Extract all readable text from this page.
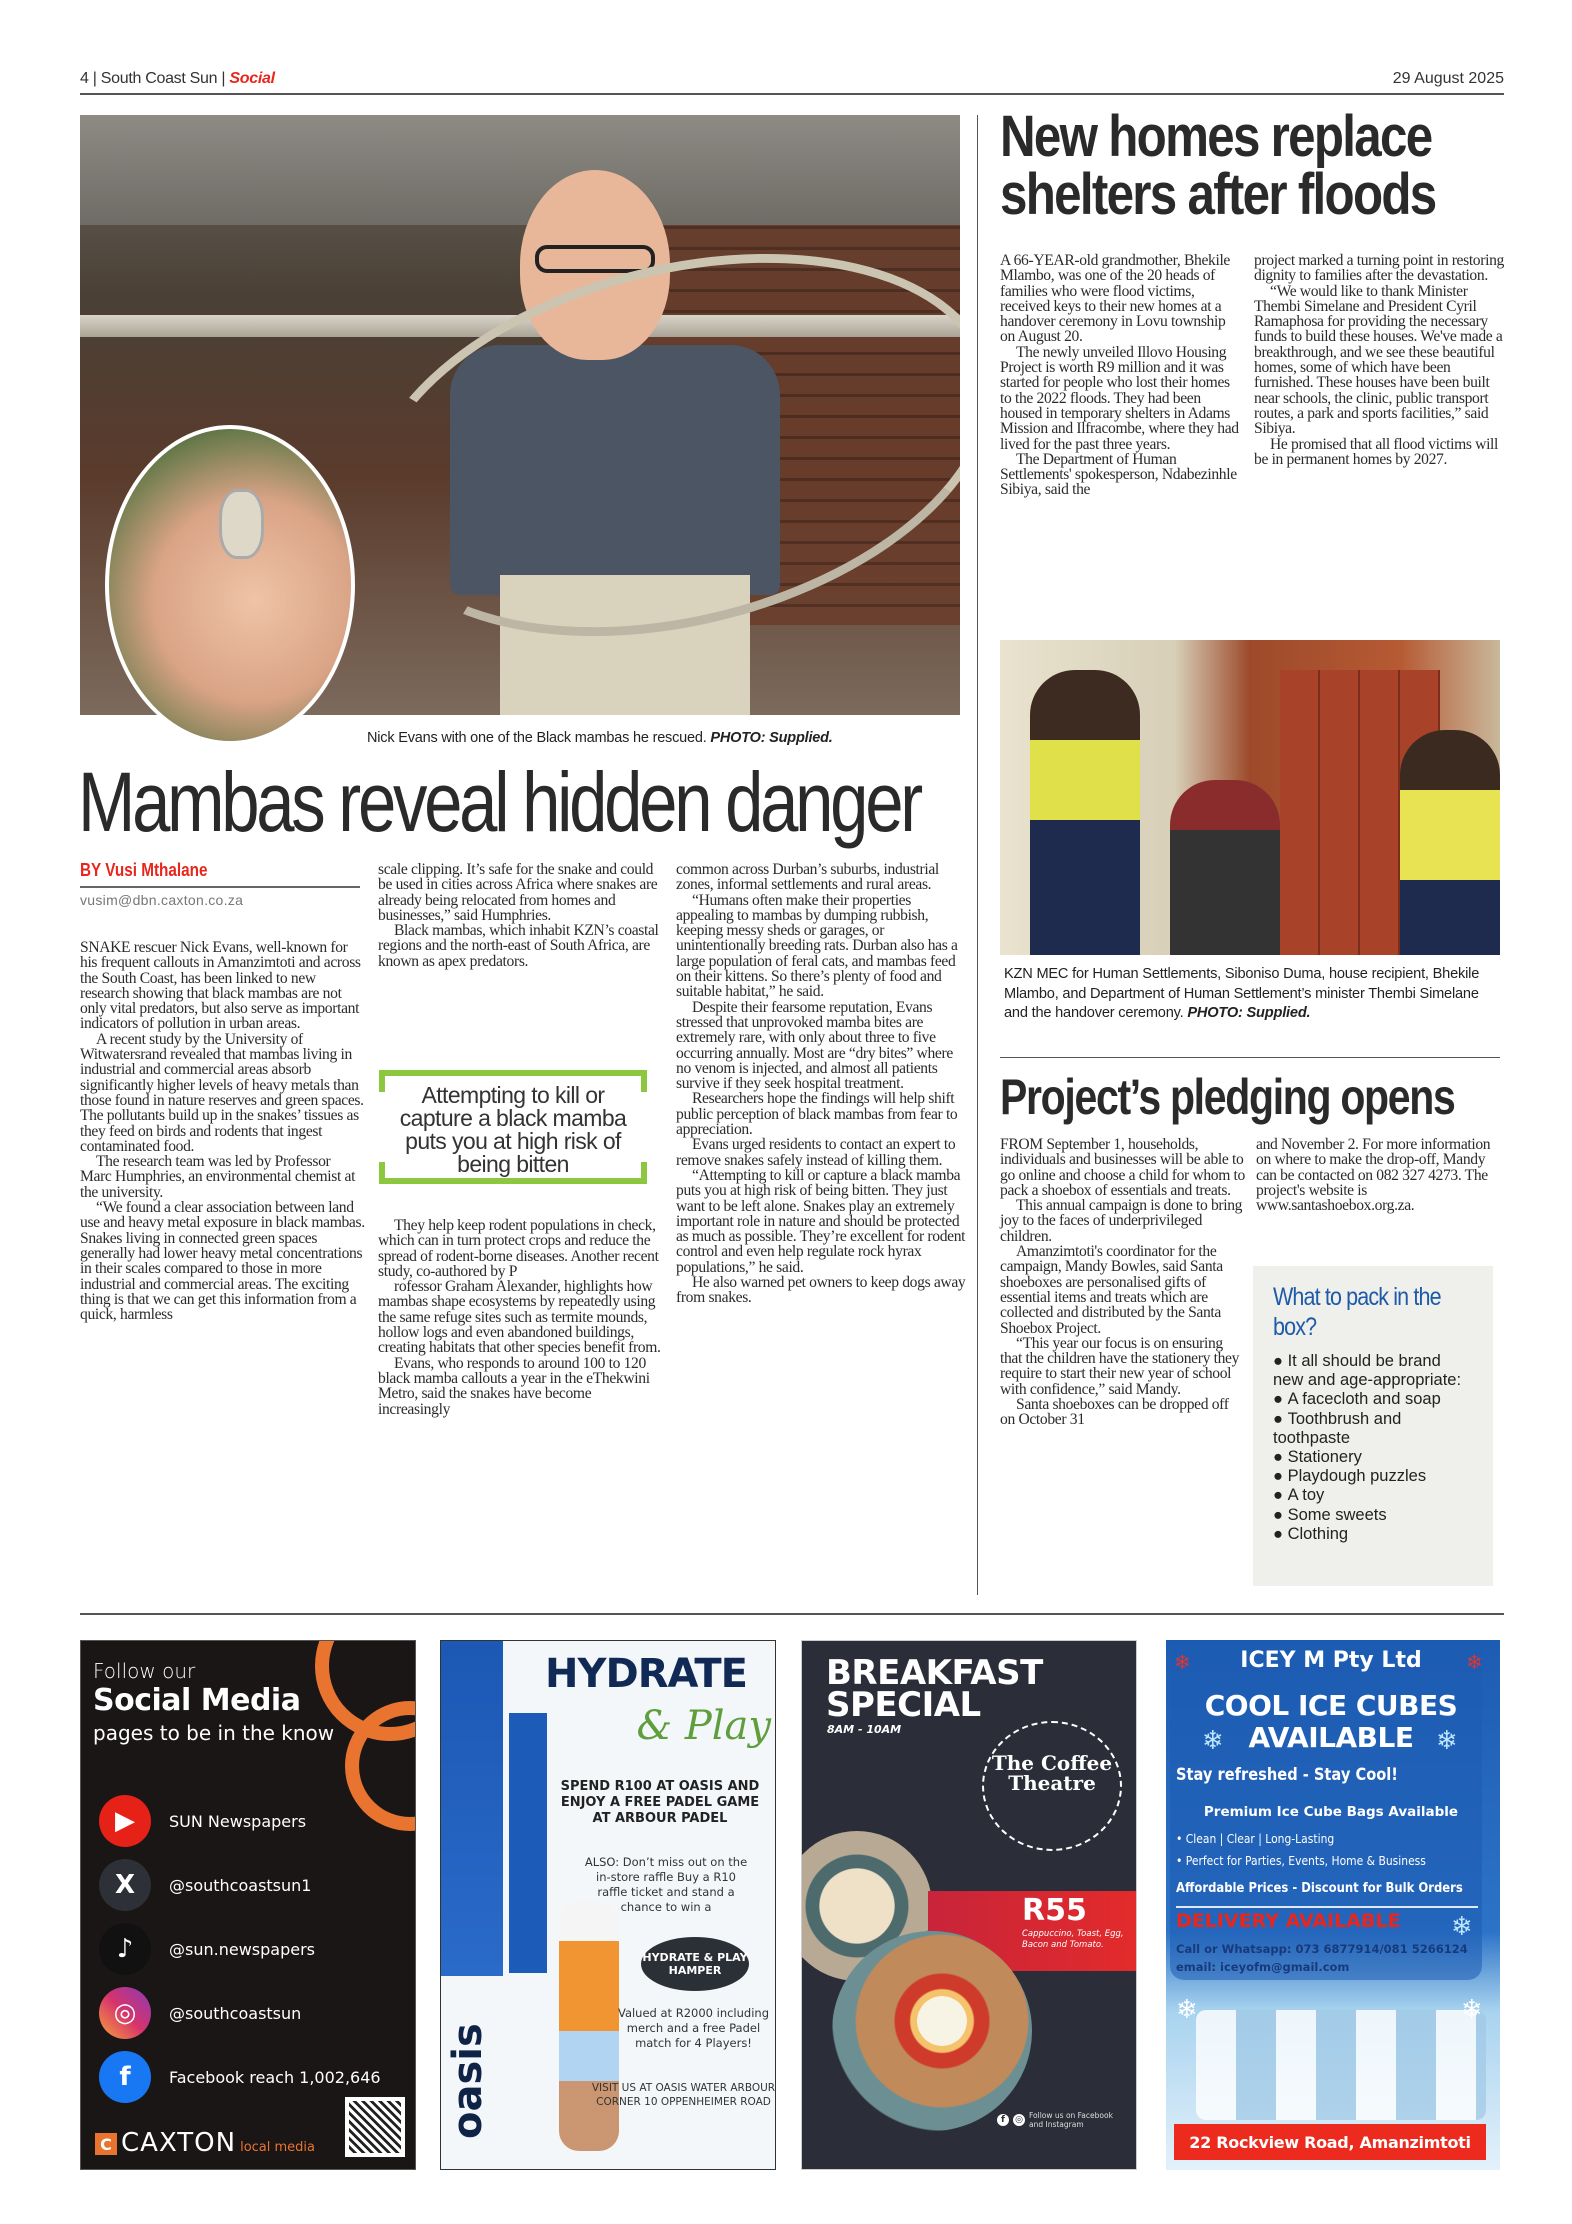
4 | South Coast Sun | Social	29 August 2025
Nick Evans with one of the Black mambas he rescued. PHOTO: Supplied.
Mambas reveal hidden danger
BY Vusi Mthalane
vusim@dbn.caxton.co.za

SNAKE rescuer Nick Evans, well-known for his frequent callouts in Amanzimtoti and across the South Coast, has been linked to new research showing that black mambas are not only vital predators, but also serve as important indicators of pollution in urban areas.

A recent study by the University of Witwatersrand revealed that mambas living in industrial and commercial areas absorb significantly higher levels of heavy metals than those found in nature reserves and green spaces. The pollutants build up in the snakes’ tissues as they feed on birds and rodents that ingest contaminated food.

The research team was led by Professor Marc Humphries, an environmental chemist at the university.

“We found a clear association between land use and heavy metal exposure in black mambas. Snakes living in connected green spaces generally had lower heavy metal concentrations in their scales compared to those in more industrial and commercial areas. The exciting thing is that we can get this information from a quick, harmless

scale clipping. It’s safe for the snake and could be used in cities across Africa where snakes are already being relocated from homes and businesses,” said Humphries.

Black mambas, which inhabit KZN’s coastal regions and the north-east of South Africa, are known as apex predators.

Attempting to kill or capture a black mamba puts you at high risk of being bitten

They help keep rodent populations in check, which can in turn protect crops and reduce the spread of rodent-borne diseases. Another recent study, co-authored by P

rofessor Graham Alexander, highlights how mambas shape ecosystems by repeatedly using the same refuge sites such as termite mounds, hollow logs and even abandoned buildings, creating habitats that other species benefit from.

Evans, who responds to around 100 to 120 black mamba callouts a year in the eThekwini Metro, said the snakes have become increasingly

common across Durban’s suburbs, industrial zones, informal settlements and rural areas.

“Humans often make their properties appealing to mambas by dumping rubbish, keeping messy sheds or garages, or unintentionally breeding rats. Durban also has a large population of feral cats, and mambas feed on their kittens. So there’s plenty of food and suitable habitat,” he said.

Despite their fearsome reputation, Evans stressed that unprovoked mamba bites are extremely rare, with only about three to five occurring annually. Most are “dry bites” where no venom is injected, and almost all patients survive if they seek hospital treatment.

Researchers hope the findings will help shift public perception of black mambas from fear to appreciation.

Evans urged residents to contact an expert to remove snakes safely instead of killing them.

“Attempting to kill or capture a black mamba puts you at high risk of being bitten. They just want to be left alone. Snakes play an extremely important role in nature and should be protected as much as possible. They’re excellent for rodent control and even help regulate rock hyrax populations,” he said.

He also warned pet owners to keep dogs away from snakes.

New homes replace
shelters after floods

A 66-YEAR-old grandmother, Bhekile Mlambo, was one of the 20 heads of families who were flood victims, received keys to their new homes at a handover ceremony in Lovu township on August 20.

The newly unveiled Illovo Housing Project is worth R9 million and it was started for people who lost their homes to the 2022 floods. They had been housed in temporary shelters in Adams Mission and Ilfracombe, where they had lived for the past three years.

The Department of Human Settlements' spokesperson, Ndabezinhle Sibiya, said the

project marked a turning point in restoring dignity to families after the devastation.

“We would like to thank Minister Thembi Simelane and President Cyril Ramaphosa for providing the necessary funds to build these houses. We've made a breakthrough, and we see these beautiful homes, some of which have been furnished. These houses have been built near schools, the clinic, public transport routes, a park and sports facilities,” said Sibiya.

He promised that all flood victims will be in permanent homes by 2027.

KZN MEC for Human Settlements, Siboniso Duma, house recipient, Bhekile Mlambo, and Department of Human Settlement’s minister Thembi Simelane and the handover ceremony. PHOTO: Supplied.
Project’s pledging opens

FROM September 1, households, individuals and businesses will be able to go online and choose a child for whom to pack a shoebox of essentials and treats.

This annual campaign is done to bring joy to the faces of underprivileged children.

Amanzimtoti's coordinator for the campaign, Mandy Bowles, said Santa shoeboxes are personalised gifts of essential items and treats which are collected and distributed by the Santa Shoebox Project.

“This year our focus is on ensuring that the children have the stationery they require to start their new year of school with confidence,” said Mandy.

Santa shoeboxes can be dropped off on October 31

and November 2. For more information on where to make the drop-off, Mandy can be contacted on 082 327 4273. The project's website is www.santashoebox.org.za.

What to pack in the box?
● It all should be brand new and age-appropriate:
● A facecloth and soap
● Toothbrush and toothpaste
● Stationery
● Playdough puzzles
● A toy
● Some sweets
● Clothing
Follow our
Social Media
pages to be in the know
▶	SUN Newspapers
X	@southcoastsun1
♪	@sun.newspapers
◎	@southcoastsun
f	Facebook reach 1,002,646
C CAXTON local media
oasis
HYDRATE
& Play
SPEND R100 AT OASIS AND ENJOY A FREE PADEL GAME AT ARBOUR PADEL
ALSO: Don’t miss out on the in-store raffle Buy a R10 raffle ticket and stand a chance to win a
HYDRATE & PLAY HAMPER
Valued at R2000 including merch and a free Padel match for 4 Players!
VISIT US AT OASIS WATER ARBOUR CORNER 10 OPPENHEIMER ROAD
BREAKFAST
SPECIAL
8AM - 10AM
The Coffee Theatre
R55
Cappuccino, Toast, Egg, Bacon and Tomato.
f	◎ Follow us on Facebook and Instagram
❄	❄
ICEY M Pty Ltd
COOL ICE CUBES AVAILABLE
❄	❄
Stay refreshed - Stay Cool!
Premium Ice Cube Bags Available
• Clean | Clear | Long-Lasting
• Perfect for Parties, Events, Home & Business
Affordable Prices - Discount for Bulk Orders
DELIVERY AVAILABLE ❄
Call or Whatsapp: 073 6877914/081 5266124
email: iceyofm@gmail.com
❄	❄
22 Rockview Road, Amanzimtoti
